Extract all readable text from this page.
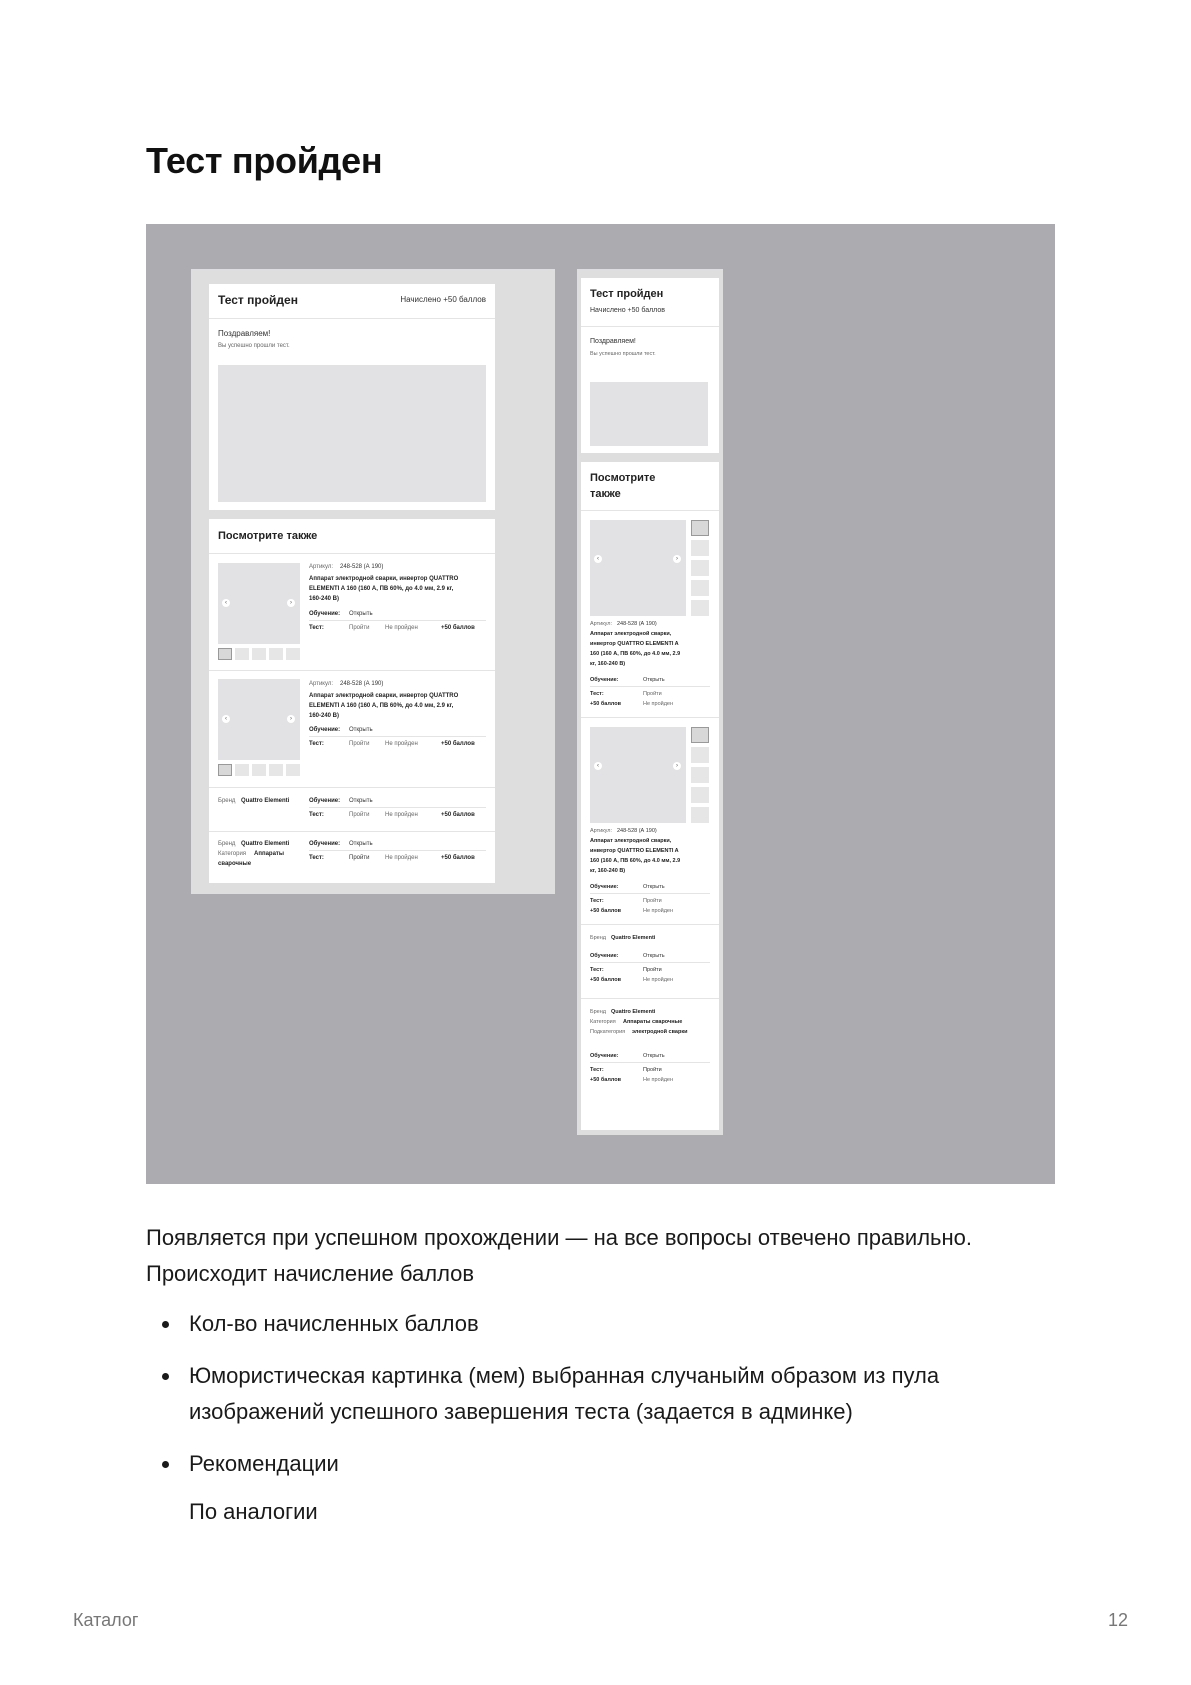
Тест пройден
Тест пройден	Начислено +50 баллов
Поздравляем!
Вы успешно прошли тест.
Посмотрите также
‹	›
Артикул: 248-528 (А 190)
Аппарат электродной сварки, инвертор QUATTRO
ELEMENTI A 160 (160 А, ПВ 60%, до 4.0 мм, 2.9 кг,
160-240 В)
Обучение: Открыть
Тест:	Пройти	Не пройден	+50 баллов
‹	›
Артикул: 248-528 (А 190)
Аппарат электродной сварки, инвертор QUATTRO
ELEMENTI A 160 (160 А, ПВ 60%, до 4.0 мм, 2.9 кг,
160-240 В)
Обучение: Открыть
Тест:	Пройти	Не пройден	+50 баллов
Бренд Quattro Elementi	Обучение: Открыть
Тест:	Пройти	Не пройден	+50 баллов
Бренд Quattro Elementi
Категория Аппараты
сварочные
Обучение: Открыть
Тест:	Пройти	Не пройден	+50 баллов
Тест пройден
Начислено +50 баллов
Поздравляем!
Вы успешно прошли тест.
Посмотрите
также
‹	›
Артикул: 248-528 (А 190)
Аппарат электродной сварки,
инвертор QUATTRO ELEMENTI A
160 (160 А, ПВ 60%, до 4.0 мм, 2.9
кг, 160-240 В)
Обучение:	Открыть
Тест:	Пройти
+50 баллов	Не пройден
‹	›
Артикул: 248-528 (А 190)
Аппарат электродной сварки,
инвертор QUATTRO ELEMENTI A
160 (160 А, ПВ 60%, до 4.0 мм, 2.9
кг, 160-240 В)
Обучение:	Открыть
Тест:	Пройти
+50 баллов	Не пройден
Бренд Quattro Elementi
Обучение:	Открыть
Тест:	Пройти
+50 баллов	Не пройден
Бренд Quattro Elementi
Категория Аппараты сварочные
Подкатегория электродной сварки
Обучение:	Открыть
Тест:	Пройти
+50 баллов	Не пройден

Появляется при успешном прохождении — на все вопросы отвечено правильно. Происходит начисление баллов

Кол-во начисленных баллов
Юмористическая картинка (мем) выбранная случаныйм образом из пула изображений успешного завершения теста (задается в админке)
Рекомендации

По аналогии

Каталог	12
